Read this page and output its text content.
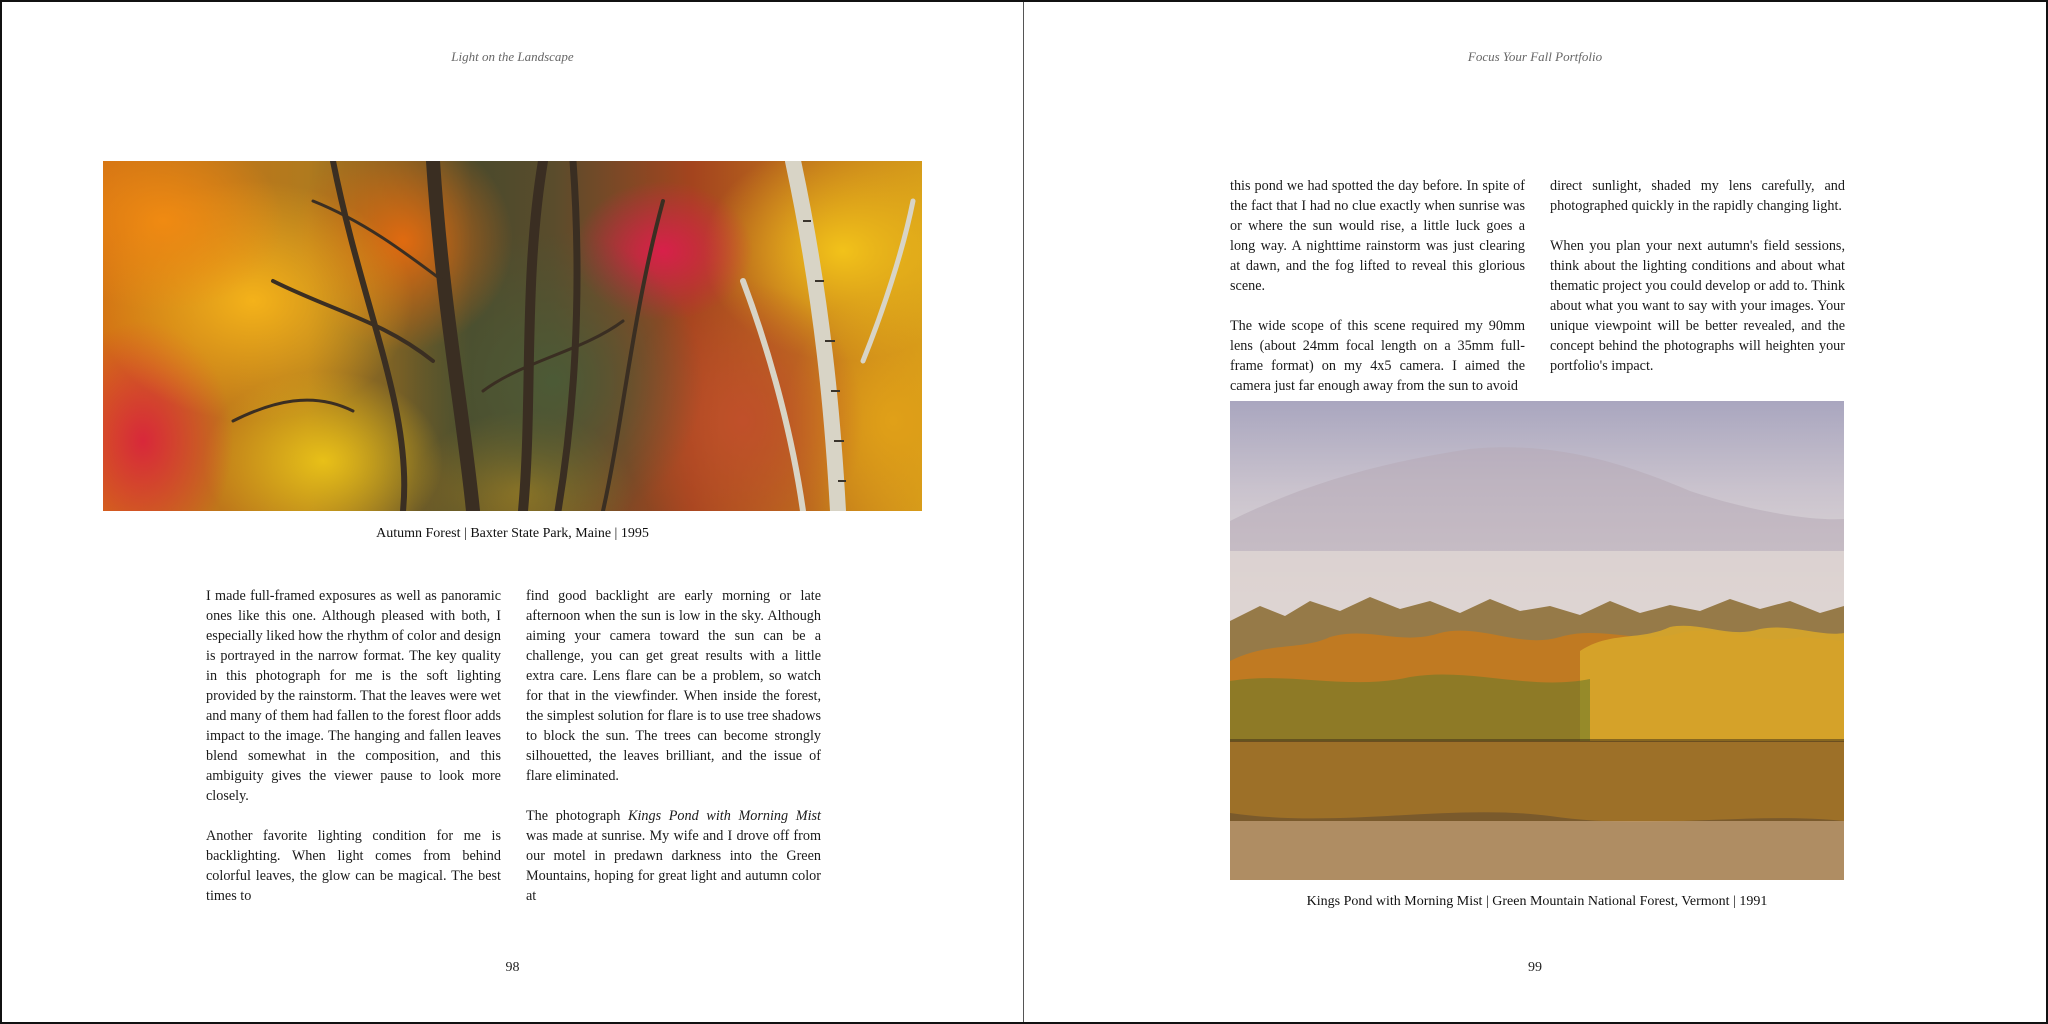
Light on the Landscape
Autumn Forest | Baxter State Park, Maine | 1995

I made full-framed exposures as well as panoramic ones like this one. Although pleased with both, I especially liked how the rhythm of color and design is portrayed in the narrow format. The key quality in this photograph for me is the soft lighting provided by the rainstorm. That the leaves were wet and many of them had fallen to the forest floor adds impact to the image. The hanging and fallen leaves blend somewhat in the composition, and this ambiguity gives the viewer pause to look more closely.

Another favorite lighting condition for me is backlighting. When light comes from behind colorful leaves, the glow can be magical. The best times to

find good backlight are early morning or late afternoon when the sun is low in the sky. Although aiming your camera toward the sun can be a challenge, you can get great results with a little extra care. Lens flare can be a problem, so watch for that in the viewfinder. When inside the forest, the simplest solution for flare is to use tree shadows to block the sun. The trees can become strongly silhouetted, the leaves brilliant, and the issue of flare eliminated.

The photograph Kings Pond with Morning Mist was made at sunrise. My wife and I drove off from our motel in predawn darkness into the Green Mountains, hoping for great light and autumn color at

98
Focus Your Fall Portfolio

this pond we had spotted the day before. In spite of the fact that I had no clue exactly when sunrise was or where the sun would rise, a little luck goes a long way. A nighttime rainstorm was just clearing at dawn, and the fog lifted to reveal this glorious scene.

The wide scope of this scene required my 90mm lens (about 24mm focal length on a 35mm full-frame format) on my 4x5 camera. I aimed the camera just far enough away from the sun to avoid

direct sunlight, shaded my lens carefully, and photographed quickly in the rapidly changing light.

When you plan your next autumn's field sessions, think about the lighting conditions and about what thematic project you could develop or add to. Think about what you want to say with your images. Your unique viewpoint will be better revealed, and the concept behind the photographs will heighten your portfolio's impact.

Kings Pond with Morning Mist | Green Mountain National Forest, Vermont | 1991
99
